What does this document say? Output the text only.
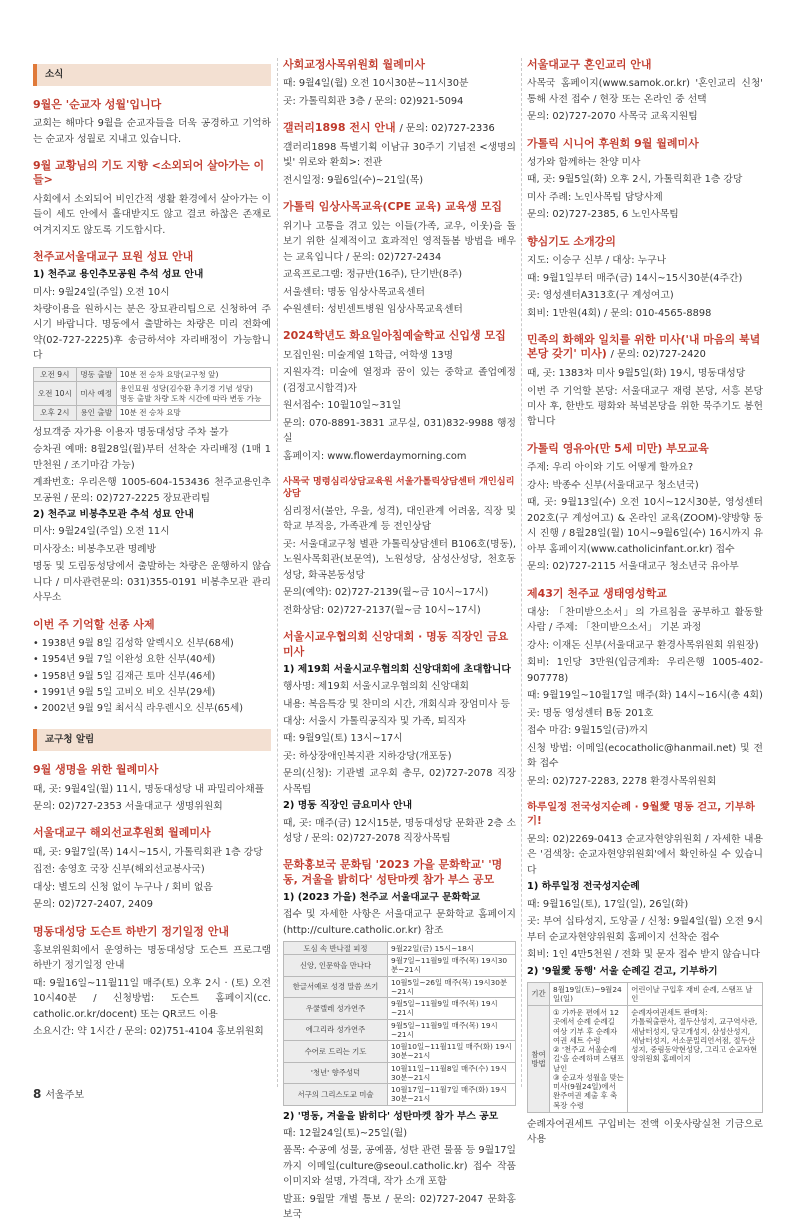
소식
9월은 '순교자 성월'입니다
교회는 해마다 9월을 순교자들을 더욱 공경하고 기억하는 순교자 성월로 지내고 있습니다.
9월 교황님의 기도 지향 <소외되어 살아가는 이들>
사회에서 소외되어 비인간적 생활 환경에서 살아가는 이들이 세도 안에서 홀대받지도 않고 결코 하찮은 존재로 여겨지지도 않도록 기도합시다.
천주교서울대교구 묘원 성묘 안내
1) 천주교 용인추모공원 추석 성묘 안내
미사: 9월24일(주일) 오전 10시
차량이용을 원하시는 분은 장묘관리팀으로 신청하여 주시기 바랍니다. 명동에서 출발하는 차량은 미리 전화예약(02-727-2225)후 송금하셔야 자리배정이 가능합니다
오전 9시	명동 출발	10분 전 승차 요망(교구청 앞)
오전 10시	미사 예정	용인묘원 성당(김수환 추기경 기념 성당)
명동 출발 차량 도착 시간에 따라 변동 가능
오후 2시	용인 출발	10분 전 승차 요망
성묘객중 자가용 이용자 명동대성당 주차 불가
승차권 예매: 8월28일(월)부터 선착순 자리배정 (1매 1만천원 / 조기마감 가능)
계좌번호: 우리은행 1005-604-153436 천주교용인추모공원 / 문의: 02)727-2225 장묘관리팀
2) 천주교 비봉추모관 추석 성묘 안내
미사: 9월24일(주일) 오전 11시
미사장소: 비봉추모관 명례방
명동 및 도림동성당에서 출발하는 차량은 운행하지 않습니다 / 미사관련문의: 031)355-0191 비봉추모관 관리사무소
이번 주 기억할 선종 사제
• 1938년 9월 8일 김성학 알렉시오 신부(68세)
• 1954년 9월 7일 이완성 요한 신부(40세)
• 1958년 9월 5일 김재근 토마 신부(46세)
• 1991년 9월 5일 고비오 비오 신부(29세)
• 2002년 9월 9일 최서식 라우렌시오 신부(65세)
교구청 알림
9월 생명을 위한 월례미사
때, 곳: 9월4일(월) 11시, 명동대성당 내 파밀리아채플
문의: 02)727-2353 서울대교구 생명위원회
서울대교구 해외선교후원회 월례미사
때, 곳: 9월7일(목) 14시~15시, 가톨릭회관 1층 강당
집전: 송영호 국장 신부(해외선교봉사국)
대상: 별도의 신청 없이 누구나 / 회비 없음
문의: 02)727-2407, 2409
명동대성당 도슨트 하반기 정기일정 안내
홍보위원회에서 운영하는 명동대성당 도슨트 프로그램 하반기 정기일정 안내
때: 9월16일~11월11일 매주(토) 오후 2시 · (토) 오전 10시40분 / 신청방법: 도슨트 홈페이지(cc. catholic.or.kr/docent) 또는 QR코드 이용
소요시간: 약 1시간 / 문의: 02)751-4104 홍보위원회
사회교정사목위원회 월례미사
때: 9월4일(월) 오전 10시30분~11시30분
곳: 가톨릭회관 3층 / 문의: 02)921-5094
갤러리1898 전시 안내 / 문의: 02)727-2336
갤러리1898 특별기획 이남규 30주기 기념전 <생명의 빛' 위로와 환희>: 전관
전시일정: 9월6일(수)~21일(목)
가톨릭 임상사목교육(CPE 교육) 교육생 모집
위기나 고통을 겪고 있는 이들(가족, 교우, 이웃)을 돌보기 위한 실제적이고 효과적인 영적돌봄 방법을 배우는 교육입니다 / 문의: 02)727-2434
교육프로그램: 정규반(16주), 단기반(8주)
서울센터: 명동 임상사목교육센터
수원센터: 성빈센트병원 임상사목교육센터
2024학년도 화요일아침예술학교 신입생 모집
모집인원: 미술계열 1학급, 여학생 13명
지원자격: 미술에 열정과 꿈이 있는 중학교 졸업예정(검정고시합격)자
원서접수: 10월10일~31일
문의: 070-8891-3831 교무실, 031)832-9988 행정실
홈페이지: www.flowerdaymorning.com
사목국 명령심리상담교육원 서울가톨릭상담센터 개인심리상담
심리정서(불안, 우울, 성격), 대인관계 어려움, 직장 및 학교 부적응, 가족관계 등 전인상담
곳: 서울대교구청 별관 가톨릭상담센터 B106호(명동), 노원사목회관(보문역), 노원성당, 삼성산성당, 천호동성당, 화곡본동성당
문의(예약): 02)727-2139(월~금 10시~17시)
전화상담: 02)727-2137(월~금 10시~17시)
서울시교우협의회 신앙대회 · 명동 직장인 금요미사
1) 제19회 서울시교우협의회 신앙대회에 초대합니다
행사명: 제19회 서울시교우협의회 신앙대회
내용: 복음특강 및 찬미의 시간, 개회식과 장엄미사 등
대상: 서울시 가톨릭공직자 및 가족, 퇴직자
때: 9월9일(토) 13시~17시
곳: 하상장애인복지관 지하강당(개포동)
문의(신청): 기관별 교우회 총무, 02)727-2078 직장사목팀
2) 명동 직장인 금요미사 안내
때, 곳: 매주(금) 12시15분, 명동대성당 문화관 2층 소성당 / 문의: 02)727-2078 직장사목팀
문화홍보국 문화팀 '2023 가을 문화학교' '명동, 겨울을 밝히다' 성탄마켓 참가 부스 공모
1) (2023 가을) 천주교 서울대교구 문화학교
접수 및 자세한 사항은 서울대교구 문화학교 홈페이지(http://culture.catholic.or.kr) 참조
도심 속 반나절 피정	9월22일(금) 15시~18시
신앙, 인문학을 만나다	9월7일~11월9일 매주(목) 19시30분~21시
한글서예로 성경 말씀 쓰기	10월5일~26일 매주(목) 19시30분~21시
우쿨렐레 성가연주	9월5일~11월9일 매주(목) 19시~21시
에그리라 성가연주	9월5일~11월9일 매주(목) 19시~21시
수어로 드리는 기도	10월10일~11월11일 매주(화) 19시30분~21시
'청년' 향주성덕	10월11일~11월8일 매주(수) 19시30분~21시
서구의 그리스도교 미술	10월17일~11월7일 매주(화) 19시30분~21시
2) '명동, 겨울을 밝히다' 성탄마켓 참가 부스 공모
때: 12월24일(토)~25일(월)
품목: 수공예 성물, 공예품, 성탄 관련 물품 등 9월17일까지 이메일(culture@seoul.catholic.kr) 접수 작품 이미지와 설명, 가격대, 작가 소개 포함
발표: 9월말 개별 통보 / 문의: 02)727-2047 문화홍보국
서울대교구 혼인교리 안내
사목국 홈페이지(www.samok.or.kr) '혼인교리 신청' 통해 사전 접수 / 현장 또는 온라인 중 선택
문의: 02)727-2070 사목국 교육지원팀
가톨릭 시니어 후원회 9월 월례미사
성가와 함께하는 찬양 미사
때, 곳: 9월5일(화) 오후 2시, 가톨릭회관 1층 강당
미사 주례: 노인사목팀 담당사제
문의: 02)727-2385, 6 노인사목팀
향심기도 소개강의
지도: 이승구 신부 / 대상: 누구나
때: 9월1일부터 매주(금) 14시~15시30분(4주간)
곳: 영성센터A313호(구 계성여고)
회비: 1만원(4회) / 문의: 010-4565-8898
민족의 화해와 일치를 위한 미사('내 마음의 북녘 본당 갖기' 미사) / 문의: 02)727-2420
때, 곳: 1383차 미사 9월5일(화) 19시, 명동대성당
이번 주 기억할 본당: 서울대교구 재령 본당, 서흥 본당 미사 후, 한반도 평화와 북녘본당을 위한 묵주기도 봉헌합니다
가톨릭 영유아(만 5세 미만) 부모교육
주제: 우리 아이와 기도 어떻게 할까요?
강사: 박종수 신부(서울대교구 청소년국)
때, 곳: 9월13일(수) 오전 10시~12시30분, 영성센터 202호(구 계성여고) & 온라인 교육(ZOOM)-양방향 동시 진행 / 8월28일(월) 10시~9월6일(수) 16시까지 유아부 홈페이지(www.catholicinfant.or.kr) 접수
문의: 02)727-2115 서울대교구 청소년국 유아부
제43기 천주교 생태영성학교
대상: 「찬미받으소서」의 가르침을 공부하고 활동할 사람 / 주제: 「찬미받으소서」 기본 과정
강사: 이재돈 신부(서울대교구 환경사목위원회 위원장)
회비: 1인당 3만원(입금계좌: 우리은행 1005-402-907778)
때: 9월19일~10월17일 매주(화) 14시~16시(총 4회)
곳: 명동 영성센터 B동 201호
접수 마감: 9월15일(금)까지
신청 방법: 이메일(ecocatholic@hanmail.net) 및 전화 접수
문의: 02)727-2283, 2278 환경사목위원회
하루일정 전국성지순례 · 9월愛 명동 걷고, 기부하기!
문의: 02)2269-0413 순교자현양위원회 / 자세한 내용은 '검색창: 순교자현양위원회'에서 확인하실 수 있습니다
1) 하루일정 전국성지순례
때: 9월16일(토), 17일(일), 26일(화)
곳: 부여 십타성지, 도앙골 / 신청: 9월4일(월) 오전 9시부터 순교자현양위원회 홈페이지 선착순 접수
회비: 1인 4만5천원 / 전화 및 문자 접수 받지 않습니다
2) '9월愛 동행' 서울 순례길 걷고, 기부하기
기간	8월19일(토)~9월24일(일)	어린이날 구입후 재비 순례, 스탬프 날인
참여 방법	① 가까운 편에서 12곳에서 순례 순례길 여상 기부 후 순례자 여권 세트 수령
② '천주교 서울순례길'을 순례하며 스탬프 날인
③ 순교자 성월을 맞는 미사(9월24일)에서 완주여권 제출 후 축복장 수령	순례자여권세트 판매처:
가톨릭출판사, 절두산성지, 교구역사관, 새남터성지, 당고개성지, 삼성산성지, 새남터성지, 서소문밀리언서점, 절두산성지, 중림동약현성당, 그리고 순교자현양위원회 홈페이지
순례자여권세트 구입비는 전액 이웃사랑실천 기금으로 사용
8 서울주보
